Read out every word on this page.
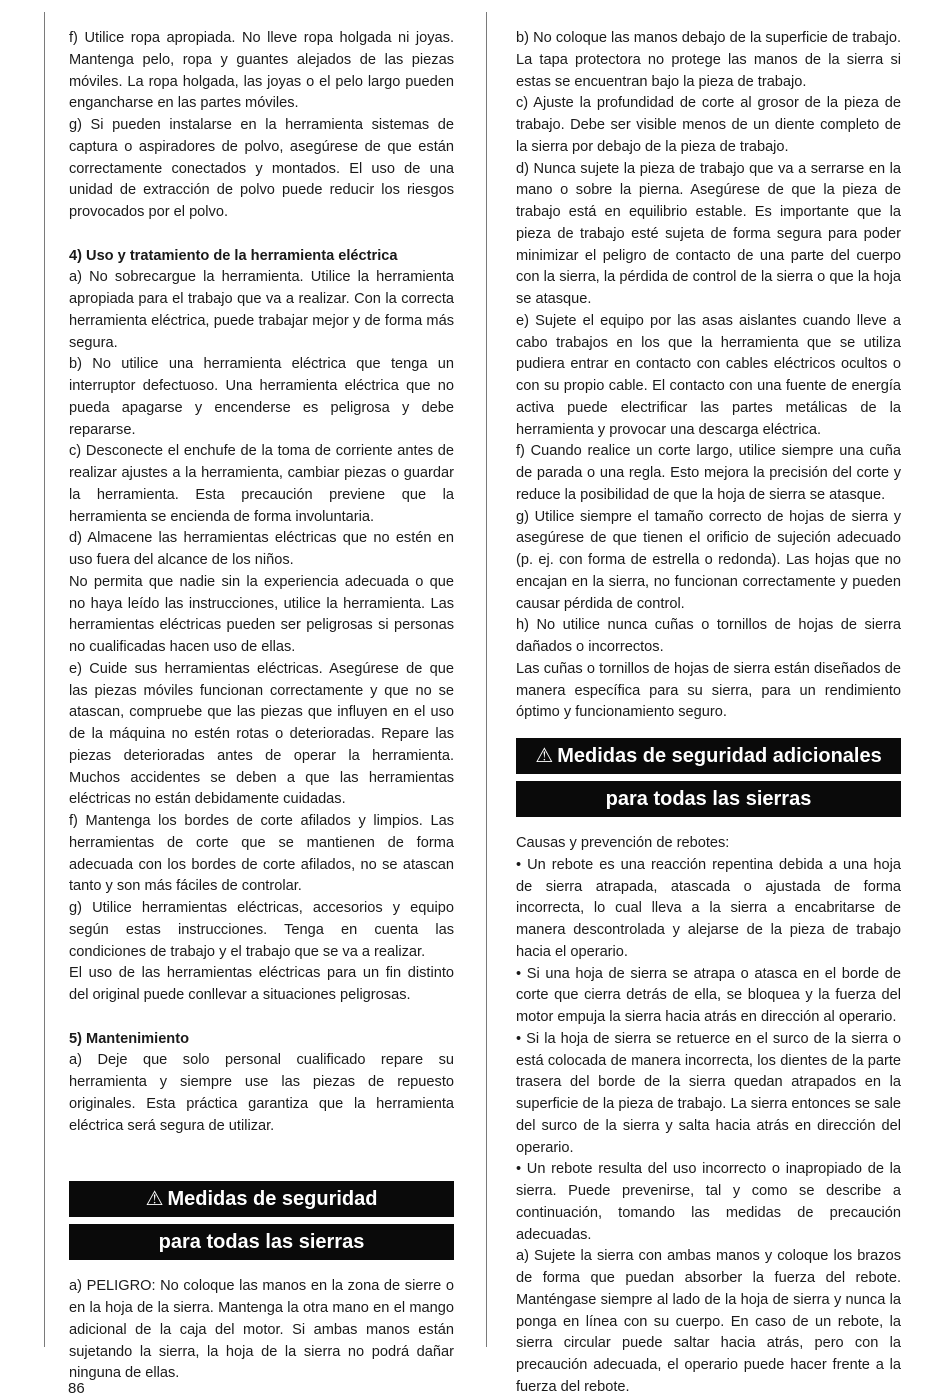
f) Utilice ropa apropiada. No lleve ropa holgada ni joyas. Mantenga pelo, ropa y guantes alejados de las piezas móviles. La ropa holgada, las joyas o el pelo largo pueden engancharse en las partes móviles.

g) Si pueden instalarse en la herramienta sistemas de captura o aspiradores de polvo, asegúrese de que están correctamente conectados y montados. El uso de una unidad de extracción de polvo puede reducir los riesgos provocados por el polvo.

4) Uso y tratamiento de la herramienta eléctrica

a) No sobrecargue la herramienta. Utilice la herramienta apropiada para el trabajo que va a realizar. Con la correcta herramienta eléctrica, puede trabajar mejor y de forma más segura.

b) No utilice una herramienta eléctrica que tenga un interruptor defectuoso. Una herramienta eléctrica que no pueda apagarse y encenderse es peligrosa y debe repararse.

c) Desconecte el enchufe de la toma de corriente antes de realizar ajustes a la herramienta, cambiar piezas o guardar la herramienta. Esta precaución previene que la herramienta se encienda de forma involuntaria.

d) Almacene las herramientas eléctricas que no estén en uso fuera del alcance de los niños.

No permita que nadie sin la experiencia adecuada o que no haya leído las instrucciones, utilice la herramienta. Las herramientas eléctricas pueden ser peligrosas si personas no cualificadas hacen uso de ellas.

e) Cuide sus herramientas eléctricas. Asegúrese de que las piezas móviles funcionan correctamente y que no se atascan, compruebe que las piezas que influyen en el uso de la máquina no estén rotas o deterioradas. Repare las piezas deterioradas antes de operar la herramienta. Muchos accidentes se deben a que las herramientas eléctricas no están debidamente cuidadas.

f) Mantenga los bordes de corte afilados y limpios. Las herramientas de corte que se mantienen de forma adecuada con los bordes de corte afilados, no se atascan tanto y son más fáciles de controlar.

g) Utilice herramientas eléctricas, accesorios y equipo según estas instrucciones. Tenga en cuenta las condiciones de trabajo y el trabajo que se va a realizar.

El uso de las herramientas eléctricas para un fin distinto del original puede conllevar a situaciones peligrosas.

5) Mantenimiento

a) Deje que solo personal cualificado repare su herramienta y siempre use las piezas de repuesto originales. Esta práctica garantiza que la herramienta eléctrica será segura de utilizar.

⚠ Medidas de seguridad
para todas las sierras

a) PELIGRO: No coloque las manos en la zona de sierre o en la hoja de la sierra. Mantenga la otra mano en el mango adicional de la caja del motor. Si ambas manos están sujetando la sierra, la hoja de la sierra no podrá dañar ninguna de ellas.

b) No coloque las manos debajo de la superficie de trabajo. La tapa protectora no protege las manos de la sierra si estas se encuentran bajo la pieza de trabajo.

c) Ajuste la profundidad de corte al grosor de la pieza de trabajo. Debe ser visible menos de un diente completo de la sierra por debajo de la pieza de trabajo.

d) Nunca sujete la pieza de trabajo que va a serrarse en la mano o sobre la pierna. Asegúrese de que la pieza de trabajo está en equilibrio estable. Es importante que la pieza de trabajo esté sujeta de forma segura para poder minimizar el peligro de contacto de una parte del cuerpo con la sierra, la pérdida de control de la sierra o que la hoja se atasque.

e) Sujete el equipo por las asas aislantes cuando lleve a cabo trabajos en los que la herramienta que se utiliza pudiera entrar en contacto con cables eléctricos ocultos o con su propio cable. El contacto con una fuente de energía activa puede electrificar las partes metálicas de la herramienta y provocar una descarga eléctrica.

f) Cuando realice un corte largo, utilice siempre una cuña de parada o una regla. Esto mejora la precisión del corte y reduce la posibilidad de que la hoja de sierra se atasque.

g) Utilice siempre el tamaño correcto de hojas de sierra y asegúrese de que tienen el orificio de sujeción adecuado (p. ej. con forma de estrella o redonda). Las hojas que no encajan en la sierra, no funcionan correctamente y pueden causar pérdida de control.

h) No utilice nunca cuñas o tornillos de hojas de sierra dañados o incorrectos.

Las cuñas o tornillos de hojas de sierra están diseñados de manera específica para su sierra, para un rendimiento óptimo y funcionamiento seguro.

⚠ Medidas de seguridad adicionales
para todas las sierras

Causas y prevención de rebotes:

• Un rebote es una reacción repentina debida a una hoja de sierra atrapada, atascada o ajustada de forma incorrecta, lo cual lleva a la sierra a encabritarse de manera descontrolada y alejarse de la pieza de trabajo hacia el operario.

• Si una hoja de sierra se atrapa o atasca en el borde de corte que cierra detrás de ella, se bloquea y la fuerza del motor empuja la sierra hacia atrás en dirección al operario.

• Si la hoja de sierra se retuerce en el surco de la sierra o está colocada de manera incorrecta, los dientes de la parte trasera del borde de la sierra quedan atrapados en la superficie de la pieza de trabajo. La sierra entonces se sale del surco de la sierra y salta hacia atrás en dirección del operario.

• Un rebote resulta del uso incorrecto o inapropiado de la sierra. Puede prevenirse, tal y como se describe a continuación, tomando las medidas de precaución adecuadas.

a) Sujete la sierra con ambas manos y coloque los brazos de forma que puedan absorber la fuerza del rebote. Manténgase siempre al lado de la hoja de sierra y nunca la ponga en línea con su cuerpo. En caso de un rebote, la sierra circular puede saltar hacia atrás, pero con la precaución adecuada, el operario puede hacer frente a la fuerza del rebote.

86
